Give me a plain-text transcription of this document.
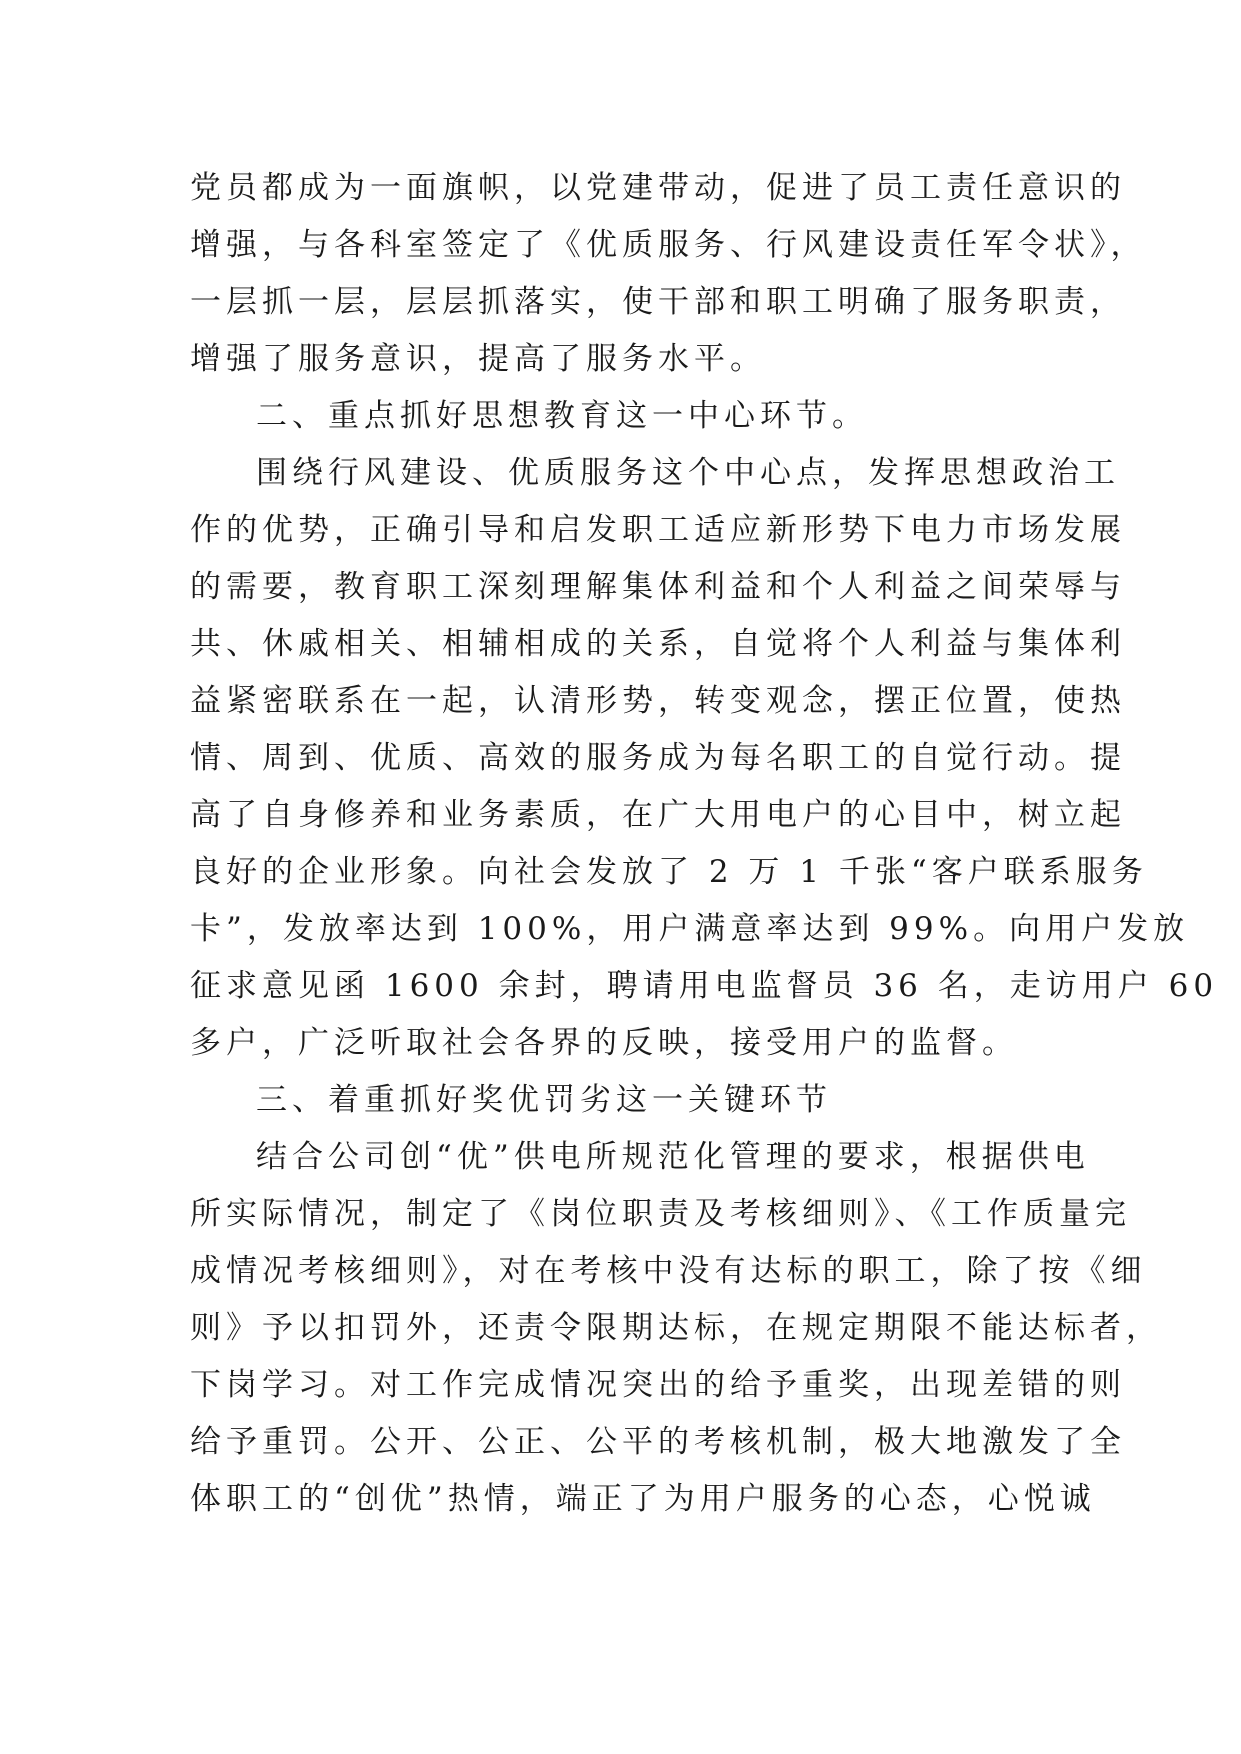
党员都成为一面旗帜，以党建带动，促进了员工责任意识的
增强，与各科室签定了《优质服务、行风建设责任军令状》，
一层抓一层，层层抓落实，使干部和职工明确了服务职责，
增强了服务意识，提高了服务水平。
二、重点抓好思想教育这一中心环节。
围绕行风建设、优质服务这个中心点，发挥思想政治工
作的优势，正确引导和启发职工适应新形势下电力市场发展
的需要，教育职工深刻理解集体利益和个人利益之间荣辱与
共、休戚相关、相辅相成的关系，自觉将个人利益与集体利
益紧密联系在一起，认清形势，转变观念，摆正位置，使热
情、周到、优质、高效的服务成为每名职工的自觉行动。提
高了自身修养和业务素质，在广大用电户的心目中，树立起
良好的企业形象。向社会发放了 2 万 1 千张“客户联系服务
卡”，发放率达到 100%，用户满意率达到 99%。向用户发放
征求意见函 1600 余封，聘请用电监督员 36 名，走访用户 60
多户，广泛听取社会各界的反映，接受用户的监督。
三、着重抓好奖优罚劣这一关键环节
结合公司创“优”供电所规范化管理的要求，根据供电
所实际情况，制定了《岗位职责及考核细则》、《工作质量完
成情况考核细则》，对在考核中没有达标的职工，除了按《细
则》予以扣罚外，还责令限期达标，在规定期限不能达标者，
下岗学习。对工作完成情况突出的给予重奖，出现差错的则
给予重罚。公开、公正、公平的考核机制，极大地激发了全
体职工的“创优”热情，端正了为用户服务的心态，心悦诚
